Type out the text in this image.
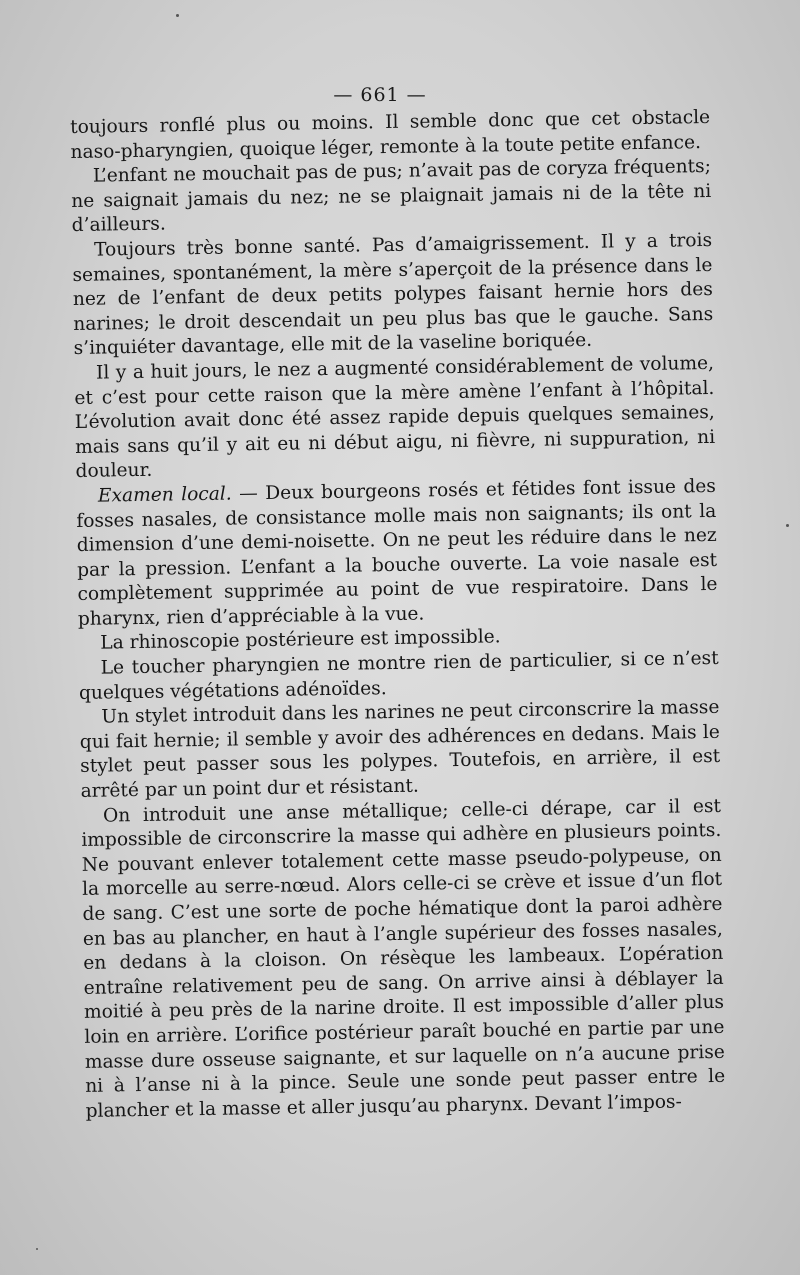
— 661 —

toujours ronflé plus ou moins. Il semble donc que cet obstacle naso-pharyngien, quoique léger, remonte à la toute petite enfance.

L’enfant ne mouchait pas de pus; n’avait pas de coryza fréquents; ne saignait jamais du nez; ne se plaignait jamais ni de la tête ni d’ailleurs.

Toujours très bonne santé. Pas d’amaigrissement. Il y a trois semaines, spontanément, la mère s’aperçoit de la présence dans le nez de l’enfant de deux petits polypes faisant hernie hors des narines; le droit descendait un peu plus bas que le gauche. Sans s’inquiéter davantage, elle mit de la vaseline boriquée.

Il y a huit jours, le nez a augmenté considérablement de volume, et c’est pour cette raison que la mère amène l’enfant à l’hôpital. L’évolution avait donc été assez rapide depuis quelques semaines, mais sans qu’il y ait eu ni début aigu, ni fièvre, ni suppuration, ni douleur.

Examen local. — Deux bourgeons rosés et fétides font issue des fosses nasales, de consistance molle mais non saignants; ils ont la dimension d’une demi-noisette. On ne peut les réduire dans le nez par la pression. L’enfant a la bouche ouverte. La voie nasale est complètement supprimée au point de vue respiratoire. Dans le pharynx, rien d’appréciable à la vue.

La rhinoscopie postérieure est impossible.

Le toucher pharyngien ne montre rien de particulier, si ce n’est quelques végétations adénoïdes.

Un stylet introduit dans les narines ne peut circonscrire la masse qui fait hernie; il semble y avoir des adhérences en dedans. Mais le stylet peut passer sous les polypes. Toutefois, en arrière, il est arrêté par un point dur et résistant.

On introduit une anse métallique; celle-ci dérape, car il est impossible de circonscrire la masse qui adhère en plusieurs points. Ne pouvant enlever totalement cette masse pseudo-polypeuse, on la morcelle au serre-nœud. Alors celle-ci se crève et issue d’un flot de sang. C’est une sorte de poche hématique dont la paroi adhère en bas au plancher, en haut à l’angle supérieur des fosses nasales, en dedans à la cloison. On résèque les lambeaux. L’opération entraîne relativement peu de sang. On arrive ainsi à déblayer la moitié à peu près de la narine droite. Il est impossible d’aller plus loin en arrière. L’orifice postérieur paraît bouché en partie par une masse dure osseuse saignante, et sur laquelle on n’a aucune prise ni à l’anse ni à la pince. Seule une sonde peut passer entre le plancher et la masse et aller jusqu’au pharynx. Devant l’impos-
